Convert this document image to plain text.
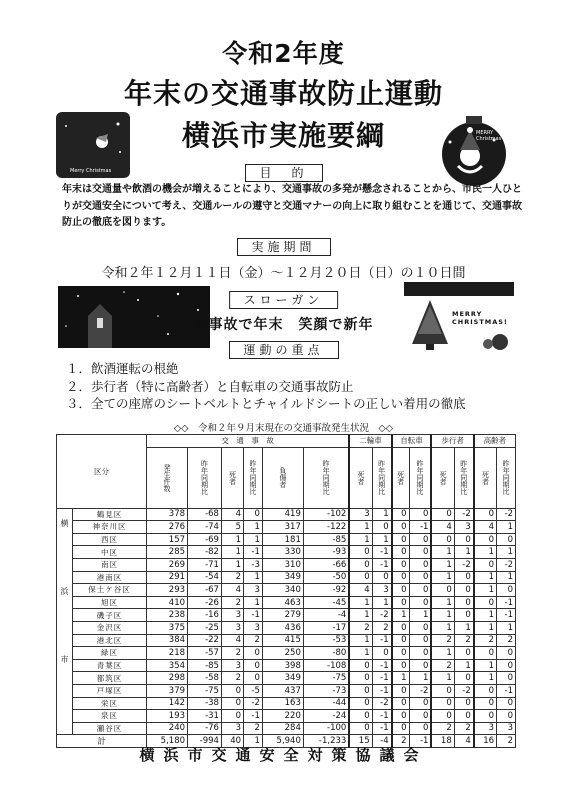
令和2年度
年末の交通事故防止運動
横浜市実施要綱
Merry Christmas
MERRY Christmas
目　的
年末は交通量や飲酒の機会が増えることにより、交通事故の多発が懸念されることから、市民一人ひとりが交通安全について考え、交通ルールの遵守と交通マナーの向上に取り組むことを通じて、交通事故防止の徹底を図ります。
実施期間
令和２年１２月１１日（金）～１２月２０日（日）の１０日間
MERRY CHRISTMAS!
スローガン
無事故で年末　笑顔で新年
運動の重点
１．飲酒運転の根絶
２．歩行者（特に高齢者）と自転車の交通事故防止
３．全ての座席のシートベルトとチャイルドシートの正しい着用の徹底
◇◇　令和２年９月末現在の交通事故発生状況　◇◇
区分		交　通　事　故						二輪車		自転車		歩行者		高齢者	
		発生件数	昨年同期比	死者	昨年同期比	負傷者	昨年同期比	死者	昨年同期比	死者	昨年同期比	死者	昨年同期比	死者	昨年同期比
横浜市	鶴見区	378	-68	4	0	419	-102	3	1	0	0	0	-2	0	-2
	神奈川区	276	-74	5	1	317	-122	1	0	0	-1	4	3	4	1
	西区	157	-69	1	1	181	-85	1	1	0	0	0	0	0	0
	中区	285	-82	1	-1	330	-93	0	-1	0	0	1	1	1	1
	南区	269	-71	1	-3	310	-66	0	-1	0	0	1	-2	0	-2
	港南区	291	-54	2	1	349	-50	0	0	0	0	1	0	1	1
	保土ケ谷区	293	-67	4	3	340	-92	4	3	0	0	0	0	1	0
	旭区	410	-26	2	1	463	-45	1	1	0	0	1	0	0	-1
	磯子区	238	-16	3	-1	279	-4	1	-2	1	1	1	0	1	-1
	金沢区	375	-25	3	3	436	-17	2	2	0	0	1	1	1	1
	港北区	384	-22	4	2	415	-53	1	-1	0	0	2	2	2	2
	緑区	218	-57	2	0	250	-80	1	0	0	0	1	0	0	0
	青葉区	354	-85	3	0	398	-108	0	-1	0	0	2	1	1	0
	都筑区	298	-58	2	0	349	-75	0	-1	1	1	1	0	1	0
	戸塚区	379	-75	0	-5	437	-73	0	-1	0	-2	0	-2	0	-1
	栄区	142	-38	0	-2	163	-44	0	-2	0	0	0	0	0	0
	泉区	193	-31	0	-1	220	-24	0	-1	0	0	0	0	0	0
	瀬谷区	240	-76	3	2	284	-100	0	-1	0	0	2	2	3	3
計		5,180	-994	40	1	5,940	-1,233	15	-4	2	-1	18	4	16	2
横浜市交通安全対策協議会
